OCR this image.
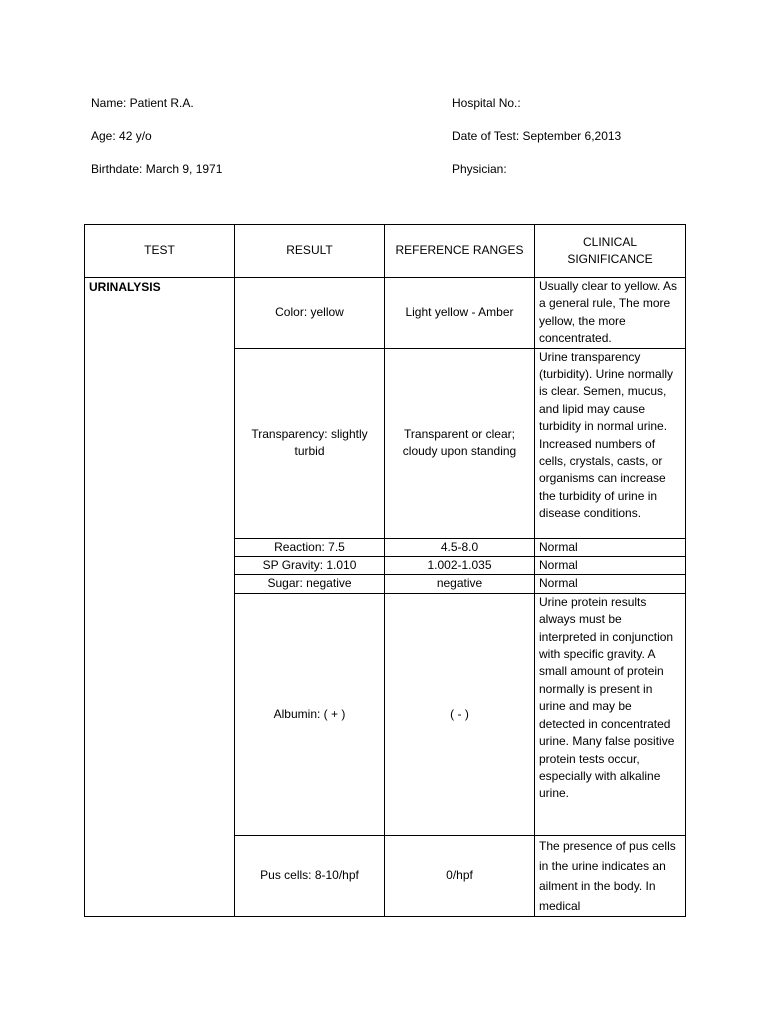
Name: Patient R.A.
Age: 42 y/o
Birthdate: March 9, 1971
Hospital No.:
Date of Test: September 6,2013
Physician:
TEST	RESULT	REFERENCE RANGES	CLINICAL SIGNIFICANCE
URINALYSIS	Color: yellow	Light yellow - Amber	Usually clear to yellow. As a general rule, The more yellow, the more concentrated.
	Transparency: slightly turbid	Transparent or clear; cloudy upon standing	Urine transparency (turbidity). Urine normally is clear. Semen, mucus, and lipid may cause turbidity in normal urine. Increased numbers of cells, crystals, casts, or organisms can increase the turbidity of urine in disease conditions.
	Reaction: 7.5	4.5-8.0	Normal
	SP Gravity: 1.010	1.002-1.035	Normal
	Sugar: negative	negative	Normal
	Albumin: ( + )	( - )	Urine protein results always must be interpreted in conjunction with specific gravity. A small amount of protein normally is present in urine and may be detected in concentrated urine. Many false positive protein tests occur, especially with alkaline urine.
	Pus cells: 8-10/hpf	0/hpf	The presence of pus cells in the urine indicates an ailment in the body. In medical
